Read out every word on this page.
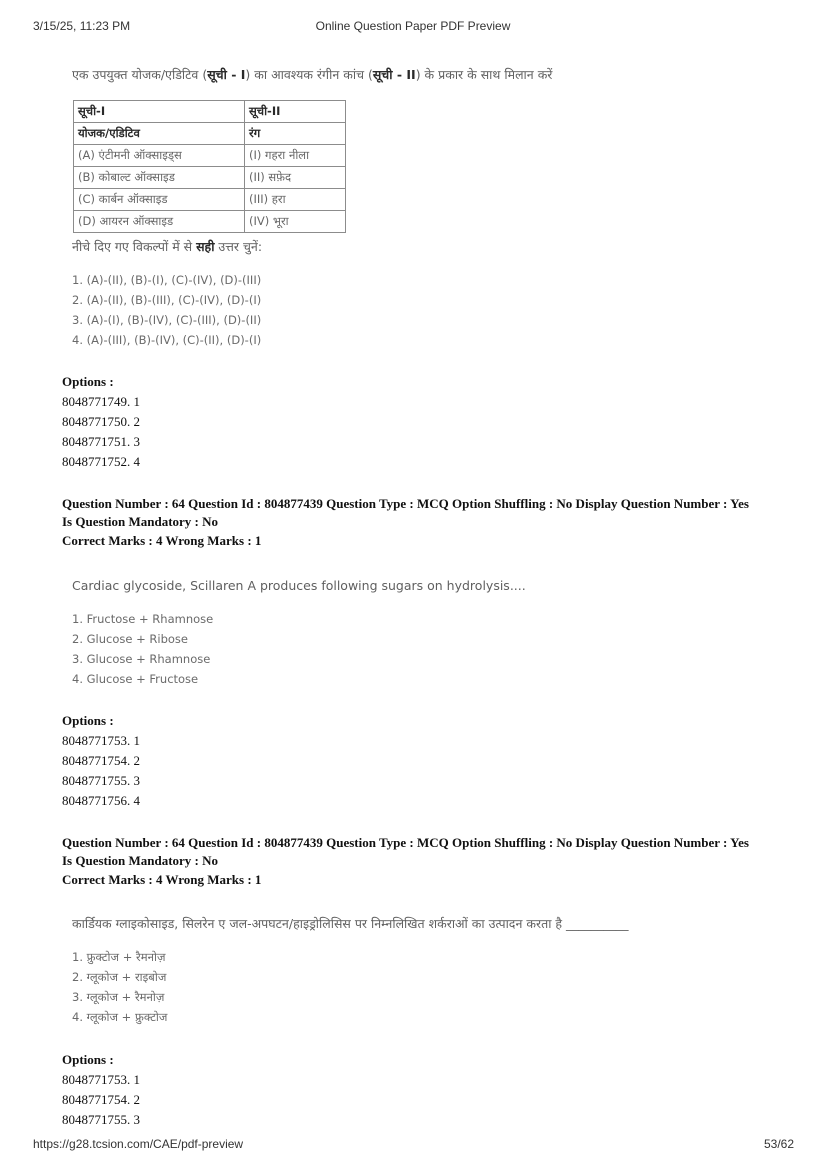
3/15/25, 11:23 PM	Online Question Paper PDF Preview
एक उपयुक्त योजक/एडिटिव (सूची - I) का आवश्यक रंगीन कांच (सूची - II) के प्रकार के साथ मिलान करें
सूची-I	सूची-II
योजक/एडिटिव	रंग
(A) एंटीमनी ऑक्साइड्स	(I) गहरा नीला
(B) कोबाल्ट ऑक्साइड	(II) सफ़ेद
(C) कार्बन ऑक्साइड	(III) हरा
(D) आयरन ऑक्साइड	(IV) भूरा
नीचे दिए गए विकल्पों में से सही उत्तर चुनें:
1. (A)-(II), (B)-(I), (C)-(IV), (D)-(III)
2. (A)-(II), (B)-(III), (C)-(IV), (D)-(I)
3. (A)-(I), (B)-(IV), (C)-(III), (D)-(II)
4. (A)-(III), (B)-(IV), (C)-(II), (D)-(I)
Options :
8048771749. 1
8048771750. 2
8048771751. 3
8048771752. 4
Question Number : 64 Question Id : 804877439 Question Type : MCQ Option Shuffling : No Display Question Number : Yes
Is Question Mandatory : No
Correct Marks : 4 Wrong Marks : 1
Cardiac glycoside, Scillaren A produces following sugars on hydrolysis....
1. Fructose + Rhamnose
2. Glucose + Ribose
3. Glucose + Rhamnose
4. Glucose + Fructose
Options :
8048771753. 1
8048771754. 2
8048771755. 3
8048771756. 4
Question Number : 64 Question Id : 804877439 Question Type : MCQ Option Shuffling : No Display Question Number : Yes
Is Question Mandatory : No
Correct Marks : 4 Wrong Marks : 1
कार्डियक ग्लाइकोसाइड, सिलरेन ए जल-अपघटन/हाइड्रोलिसिस पर निम्नलिखित शर्कराओं का उत्पादन करता है __________
1. फ्रुक्टोज + रैमनोज़
2. ग्लूकोज + राइबोज
3. ग्लूकोज + रैमनोज़
4. ग्लूकोज + फ्रुक्टोज
Options :
8048771753. 1
8048771754. 2
8048771755. 3
https://g28.tcsion.com/CAE/pdf-preview	53/62
